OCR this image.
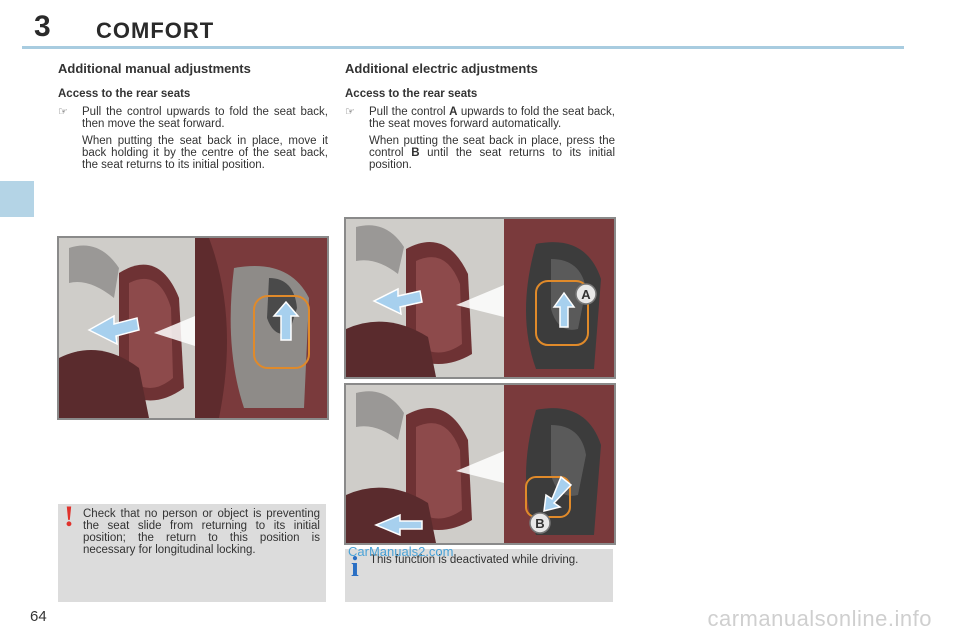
3 COMFORT
Additional manual adjustments
Access to the rear seats
☞ Pull the control upwards to fold the seat back, then move the seat forward.

When putting the seat back in place, move it back holding it by the centre of the seat back, the seat returns to its initial position.

Additional electric adjustments
Access to the rear seats
☞ Pull the control A upwards to fold the seat back, the seat moves forward automatically.

When putting the seat back in place, press the control B until the seat returns to its initial position.

A
B
! Check that no person or object is preventing the seat slide from returning to its initial position; the return to this position is necessary for longitudinal locking.
i This function is deactivated while driving.
CarManuals2.com
64	carmanualsonline.info
